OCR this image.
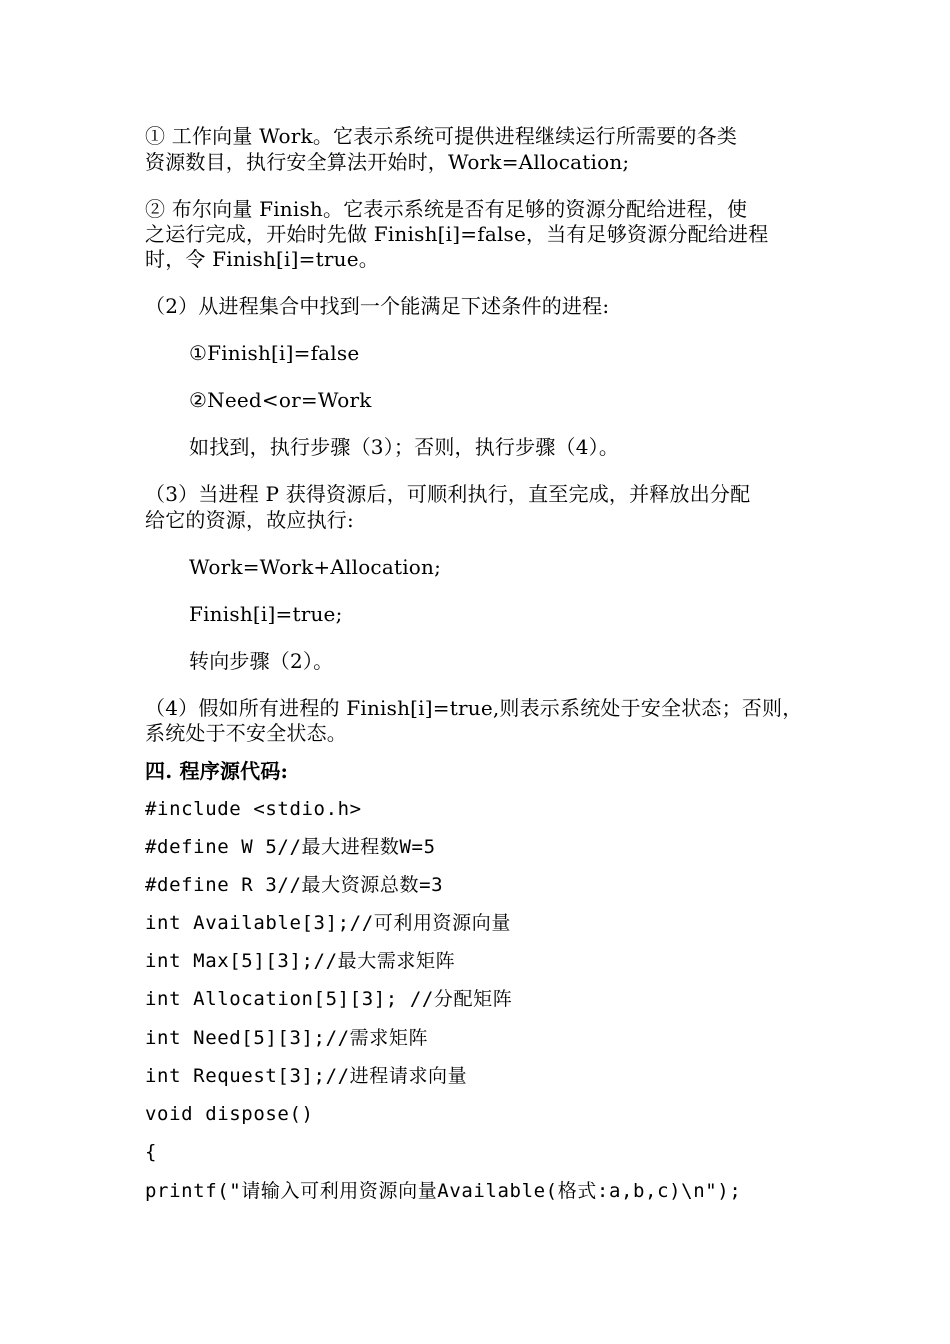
① 工作向量 Work。它表示系统可提供进程继续运行所需要的各类
资源数目，执行安全算法开始时，Work=Allocation;
② 布尔向量 Finish。它表示系统是否有足够的资源分配给进程，使
之运行完成，开始时先做 Finish[i]=false，当有足够资源分配给进程
时，令 Finish[i]=true。
（2）从进程集合中找到一个能满足下述条件的进程:
①Finish[i]=false
②Need<or=Work
如找到，执行步骤（3）；否则，执行步骤（4）。
（3）当进程 P 获得资源后，可顺利执行，直至完成，并释放出分配
给它的资源，故应执行:
Work=Work+Allocation;
Finish[i]=true;
转向步骤（2）。
（4）假如所有进程的 Finish[i]=true,则表示系统处于安全状态；否则，
系统处于不安全状态。
四. 程序源代码:
#include <stdio.h>
#define W 5//最大进程数W=5
#define R 3//最大资源总数=3
int Available[3];//可利用资源向量
int Max[5][3];//最大需求矩阵
int Allocation[5][3]; //分配矩阵
int Need[5][3];//需求矩阵
int Request[3];//进程请求向量
void dispose()
{
printf("请输入可利用资源向量Available(格式:a,b,c)\n");
